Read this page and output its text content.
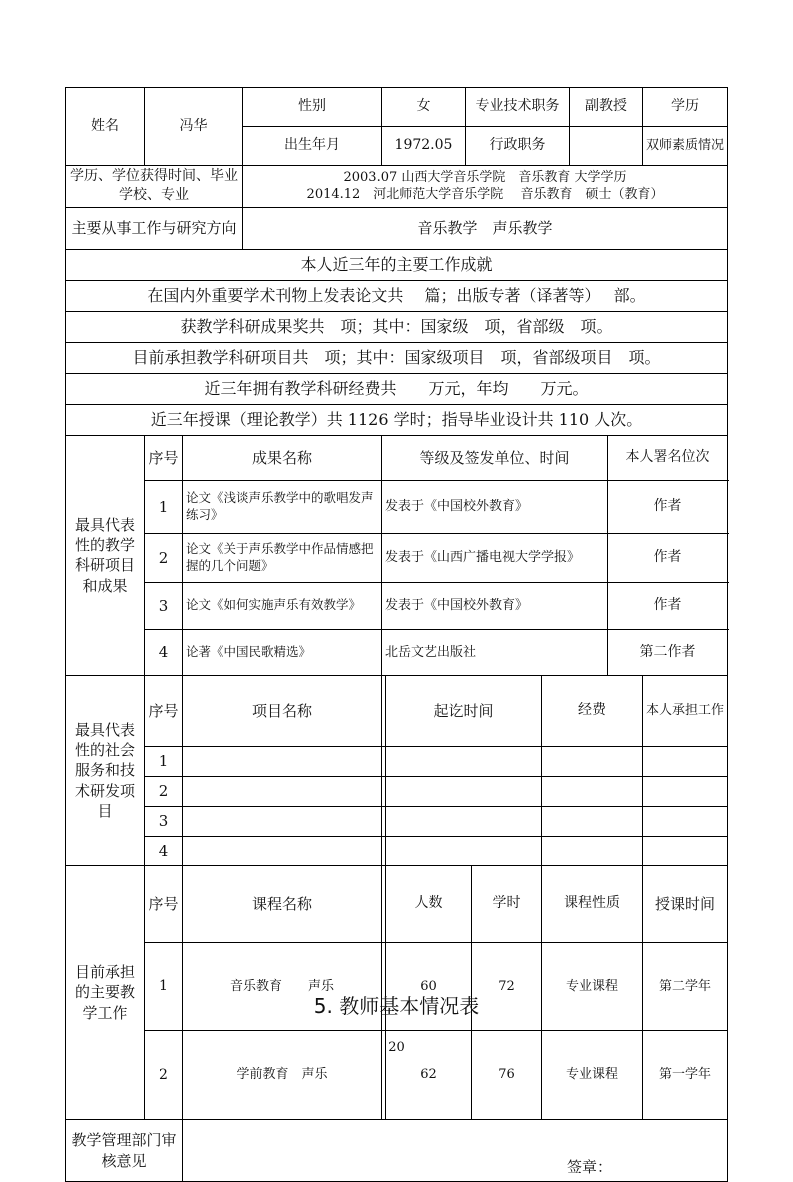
姓名	冯华		性别	女		专业技术职务			副教授		学历	
			出生年月	1972.05		行政职务					双师素质情况	
学历、学位获得时间、毕业学校、专业			2003.07 山西大学音乐学院　音乐教育 大学学历
2014.12　河北师范大学音乐学院　 音乐教育　硕士（教育）									

主要从事工作与研究方向			音乐教学　声乐教学									
本人近三年的主要工作成就												
在国内外重要学术刊物上发表论文共　 篇；出版专著（译著等）　 部。												
获教学科研成果奖共　项；其中：国家级　项，省部级　项。												
目前承担教学科研项目共　项；其中：国家级项目　项，省部级项目　项。												
近三年拥有教学科研经费共　　万元，年均　　万元。												
近三年授课（理论教学）共 1126 学时；指导毕业设计共 110 人次。												
最具代表性的教学科研项目和成果	序号	成果名称		等级及签发单位、时间						本人署名位次		
	1	论文《浅谈声乐教学中的歌唱发声练习》		发表于《中国校外教育》						作者		
	2	论文《关于声乐教学中作品情感把握的几个问题》		发表于《山西广播电视大学学报》						作者		
	3	论文《如何实施声乐有效教学》		发表于《中国校外教育》						作者		
	4	论著《中国民歌精选》		北岳文艺出版社						第二作者		
最具代表性的社会服务和技术研发项目	序号	项目名称			起讫时间			经费			本人承担工作	
	1											
	2											
	3											
	4											
目前承担的主要教学工作	序号	课程名称			人数		学时	课程性质			授课时间	
	1	音乐教育　　声乐			60		72	专业课程			第二学年	
	2	学前教育　声乐			62		76	专业课程			第一学年	
教学管理部门审核意见		签章：										
5. 教师基本情况表
20
